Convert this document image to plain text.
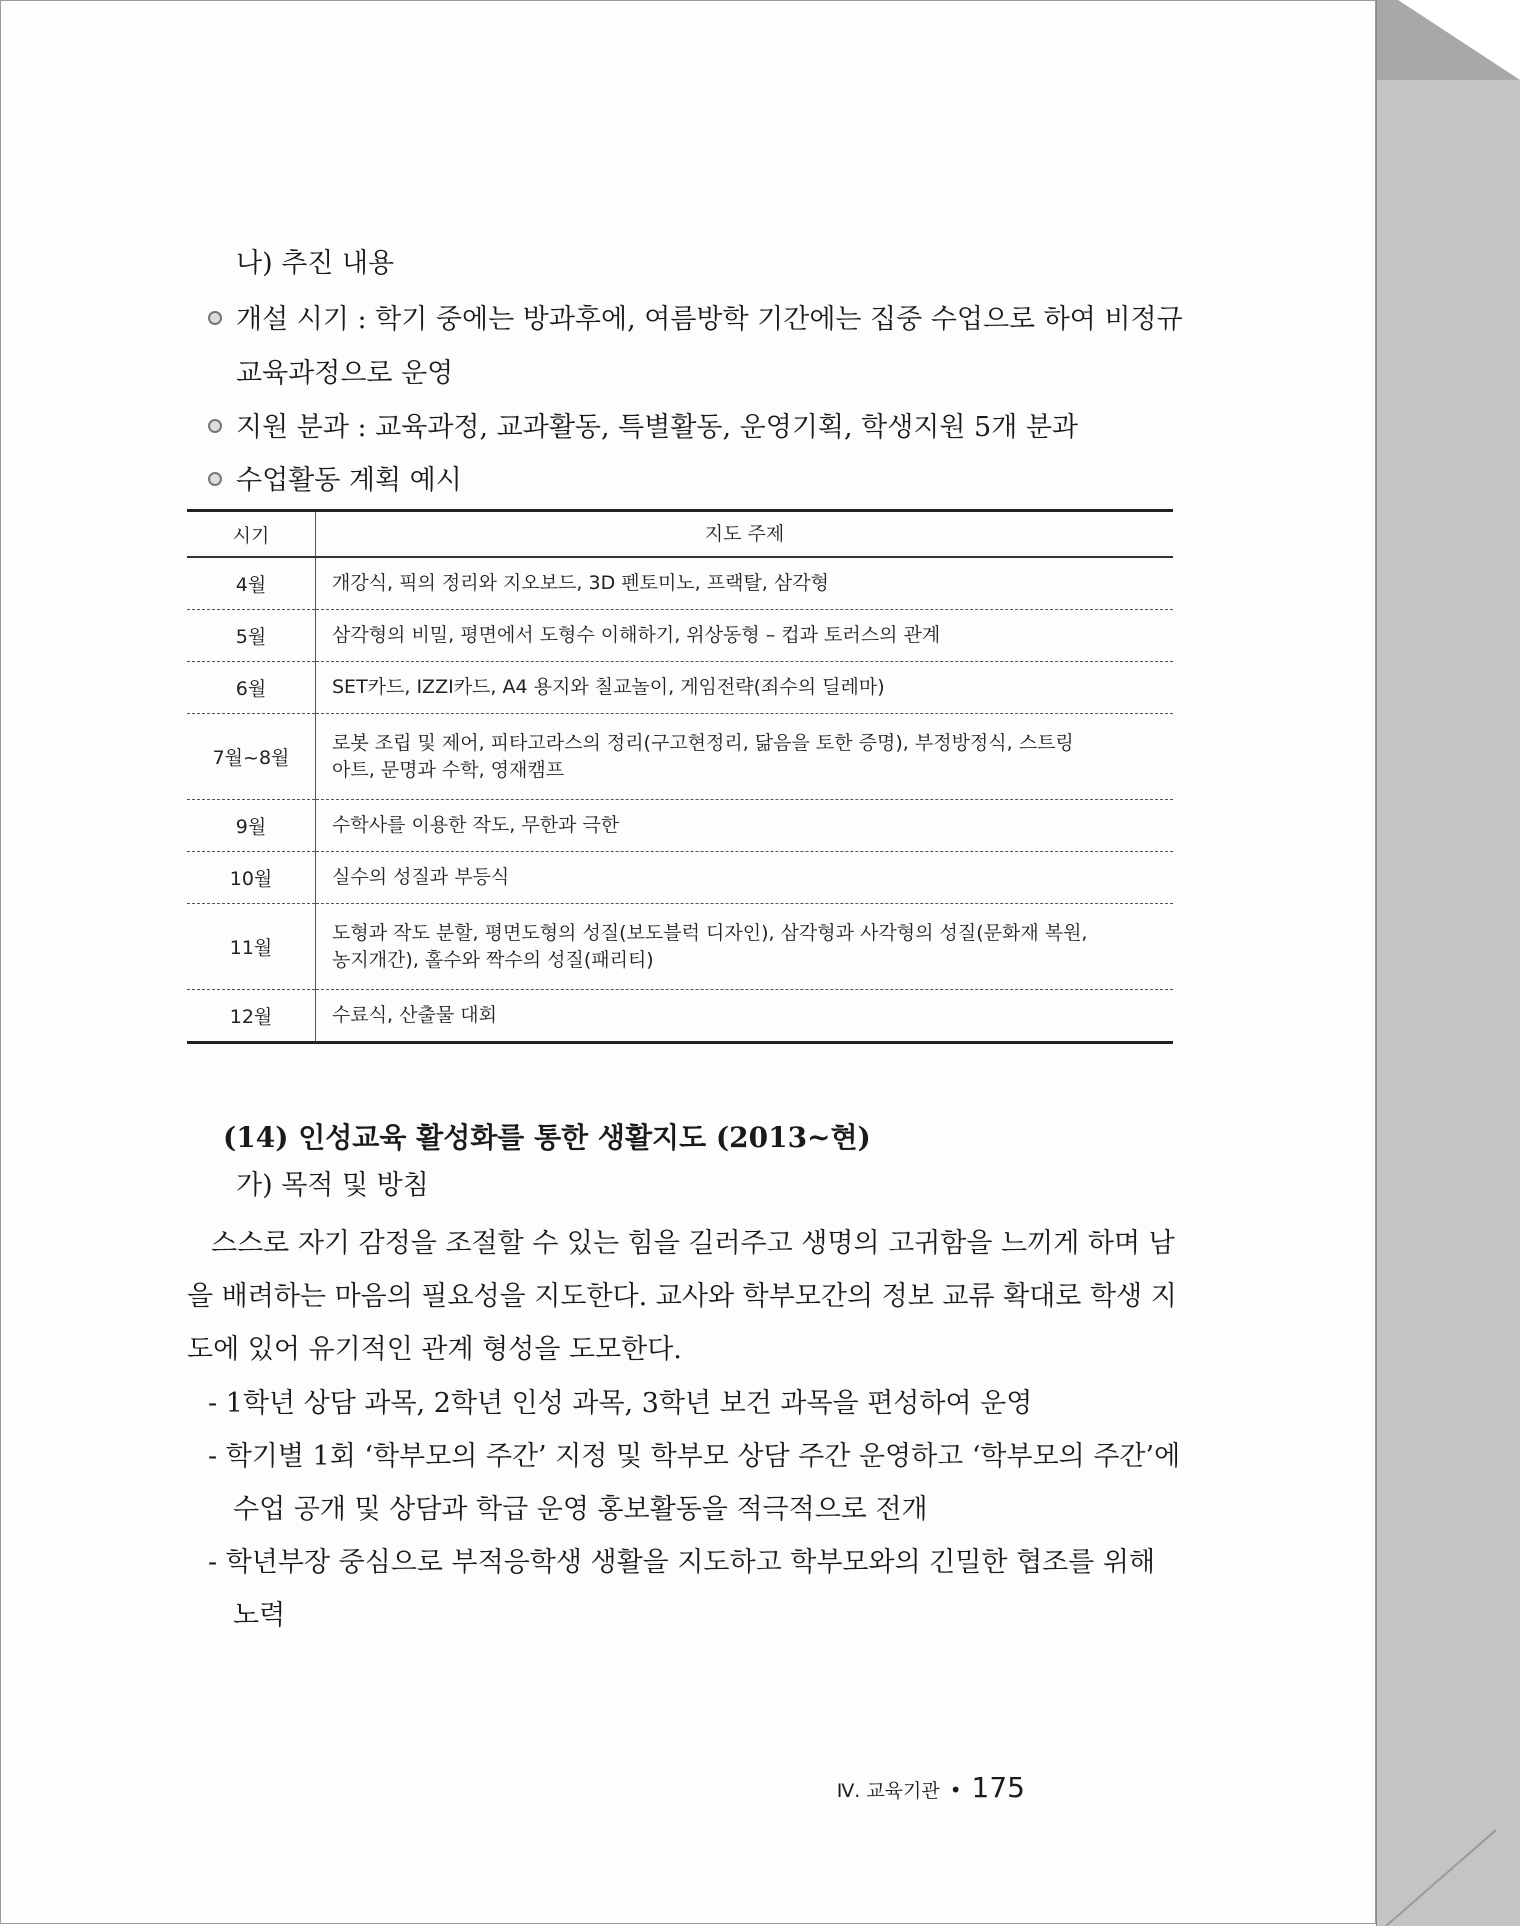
나) 추진 내용
개설 시기 : 학기 중에는 방과후에, 여름방학 기간에는 집중 수업으로 하여 비정규
교육과정으로 운영
지원 분과 : 교육과정, 교과활동, 특별활동, 운영기획, 학생지원 5개 분과
수업활동 계획 예시
시기	지도 주제
4월	개강식, 픽의 정리와 지오보드, 3D 펜토미노, 프랙탈, 삼각형
5월	삼각형의 비밀, 평면에서 도형수 이해하기, 위상동형 – 컵과 토러스의 관계
6월	SET카드, IZZI카드, A4 용지와 칠교놀이, 게임전략(죄수의 딜레마)
7월~8월	로봇 조립 및 제어, 피타고라스의 정리(구고현정리, 닮음을 토한 증명), 부정방정식, 스트링
아트, 문명과 수학, 영재캠프

9월	수학사를 이용한 작도, 무한과 극한
10월	실수의 성질과 부등식
11월	도형과 작도 분할, 평면도형의 성질(보도블럭 디자인), 삼각형과 사각형의 성질(문화재 복원,
농지개간), 홀수와 짝수의 성질(패리티)

12월	수료식, 산출물 대회
(14) 인성교육 활성화를 통한 생활지도 (2013~현)
가) 목적 및 방침
스스로 자기 감정을 조절할 수 있는 힘을 길러주고 생명의 고귀함을 느끼게 하며 남
을 배려하는 마음의 필요성을 지도한다. 교사와 학부모간의 정보 교류 확대로 학생 지
도에 있어 유기적인 관계 형성을 도모한다.
- 1학년 상담 과목, 2학년 인성 과목, 3학년 보건 과목을 편성하여 운영
- 학기별 1회 ‘학부모의 주간’ 지정 및 학부모 상담 주간 운영하고 ‘학부모의 주간’에
수업 공개 및 상담과 학급 운영 홍보활동을 적극적으로 전개
- 학년부장 중심으로 부적응학생 생활을 지도하고 학부모와의 긴밀한 협조를 위해
노력
Ⅳ. 교육기관 • 175
